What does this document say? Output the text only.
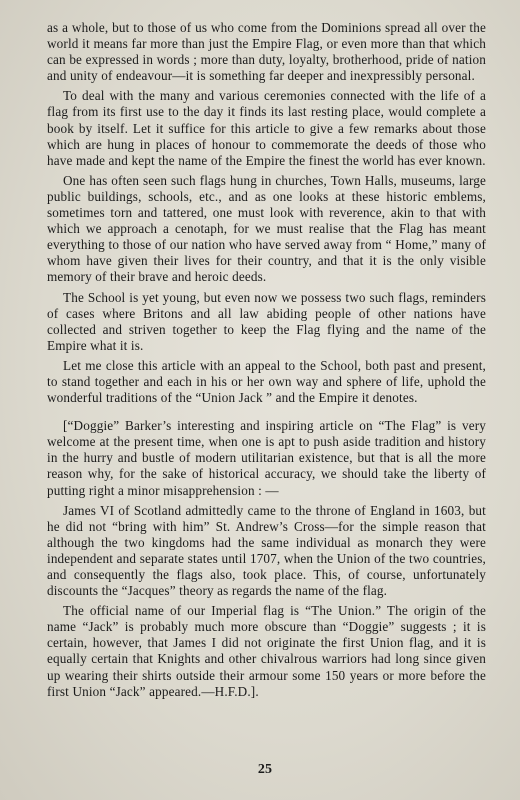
as a whole, but to those of us who come from the Dominions spread all over the world it means far more than just the Empire Flag, or even more than that which can be expressed in words ; more than duty, loyalty, brotherhood, pride of nation and unity of endeavour—it is something far deeper and inexpressibly personal.

To deal with the many and various ceremonies connected with the life of a flag from its first use to the day it finds its last resting place, would complete a book by itself. Let it suffice for this article to give a few remarks about those which are hung in places of honour to commemorate the deeds of those who have made and kept the name of the Empire the finest the world has ever known.

One has often seen such flags hung in churches, Town Halls, museums, large public buildings, schools, etc., and as one looks at these historic emblems, sometimes torn and tattered, one must look with reverence, akin to that with which we approach a cenotaph, for we must realise that the Flag has meant everything to those of our nation who have served away from “ Home,” many of whom have given their lives for their country, and that it is the only visible memory of their brave and heroic deeds.

The School is yet young, but even now we possess two such flags, reminders of cases where Britons and all law abiding people of other nations have collected and striven together to keep the Flag flying and the name of the Empire what it is.

Let me close this article with an appeal to the School, both past and present, to stand together and each in his or her own way and sphere of life, uphold the wonderful traditions of the “Union Jack ” and the Empire it denotes.

[“Doggie” Barker’s interesting and inspiring article on “The Flag” is very welcome at the present time, when one is apt to push aside tradition and history in the hurry and bustle of modern utilitarian existence, but that is all the more reason why, for the sake of historical accuracy, we should take the liberty of putting right a minor misapprehension : —

James VI of Scotland admittedly came to the throne of England in 1603, but he did not “bring with him” St. Andrew’s Cross—for the simple reason that although the two kingdoms had the same individual as monarch they were independent and separate states until 1707, when the Union of the two countries, and consequently the flags also, took place. This, of course, unfortunately discounts the “Jacques” theory as regards the name of the flag.

The official name of our Imperial flag is “The Union.” The origin of the name “Jack” is probably much more obscure than “Doggie” suggests ; it is certain, however, that James I did not originate the first Union flag, and it is equally certain that Knights and other chivalrous warriors had long since given up wearing their shirts outside their armour some 150 years or more before the first Union “Jack” appeared.—H.F.D.].

25
